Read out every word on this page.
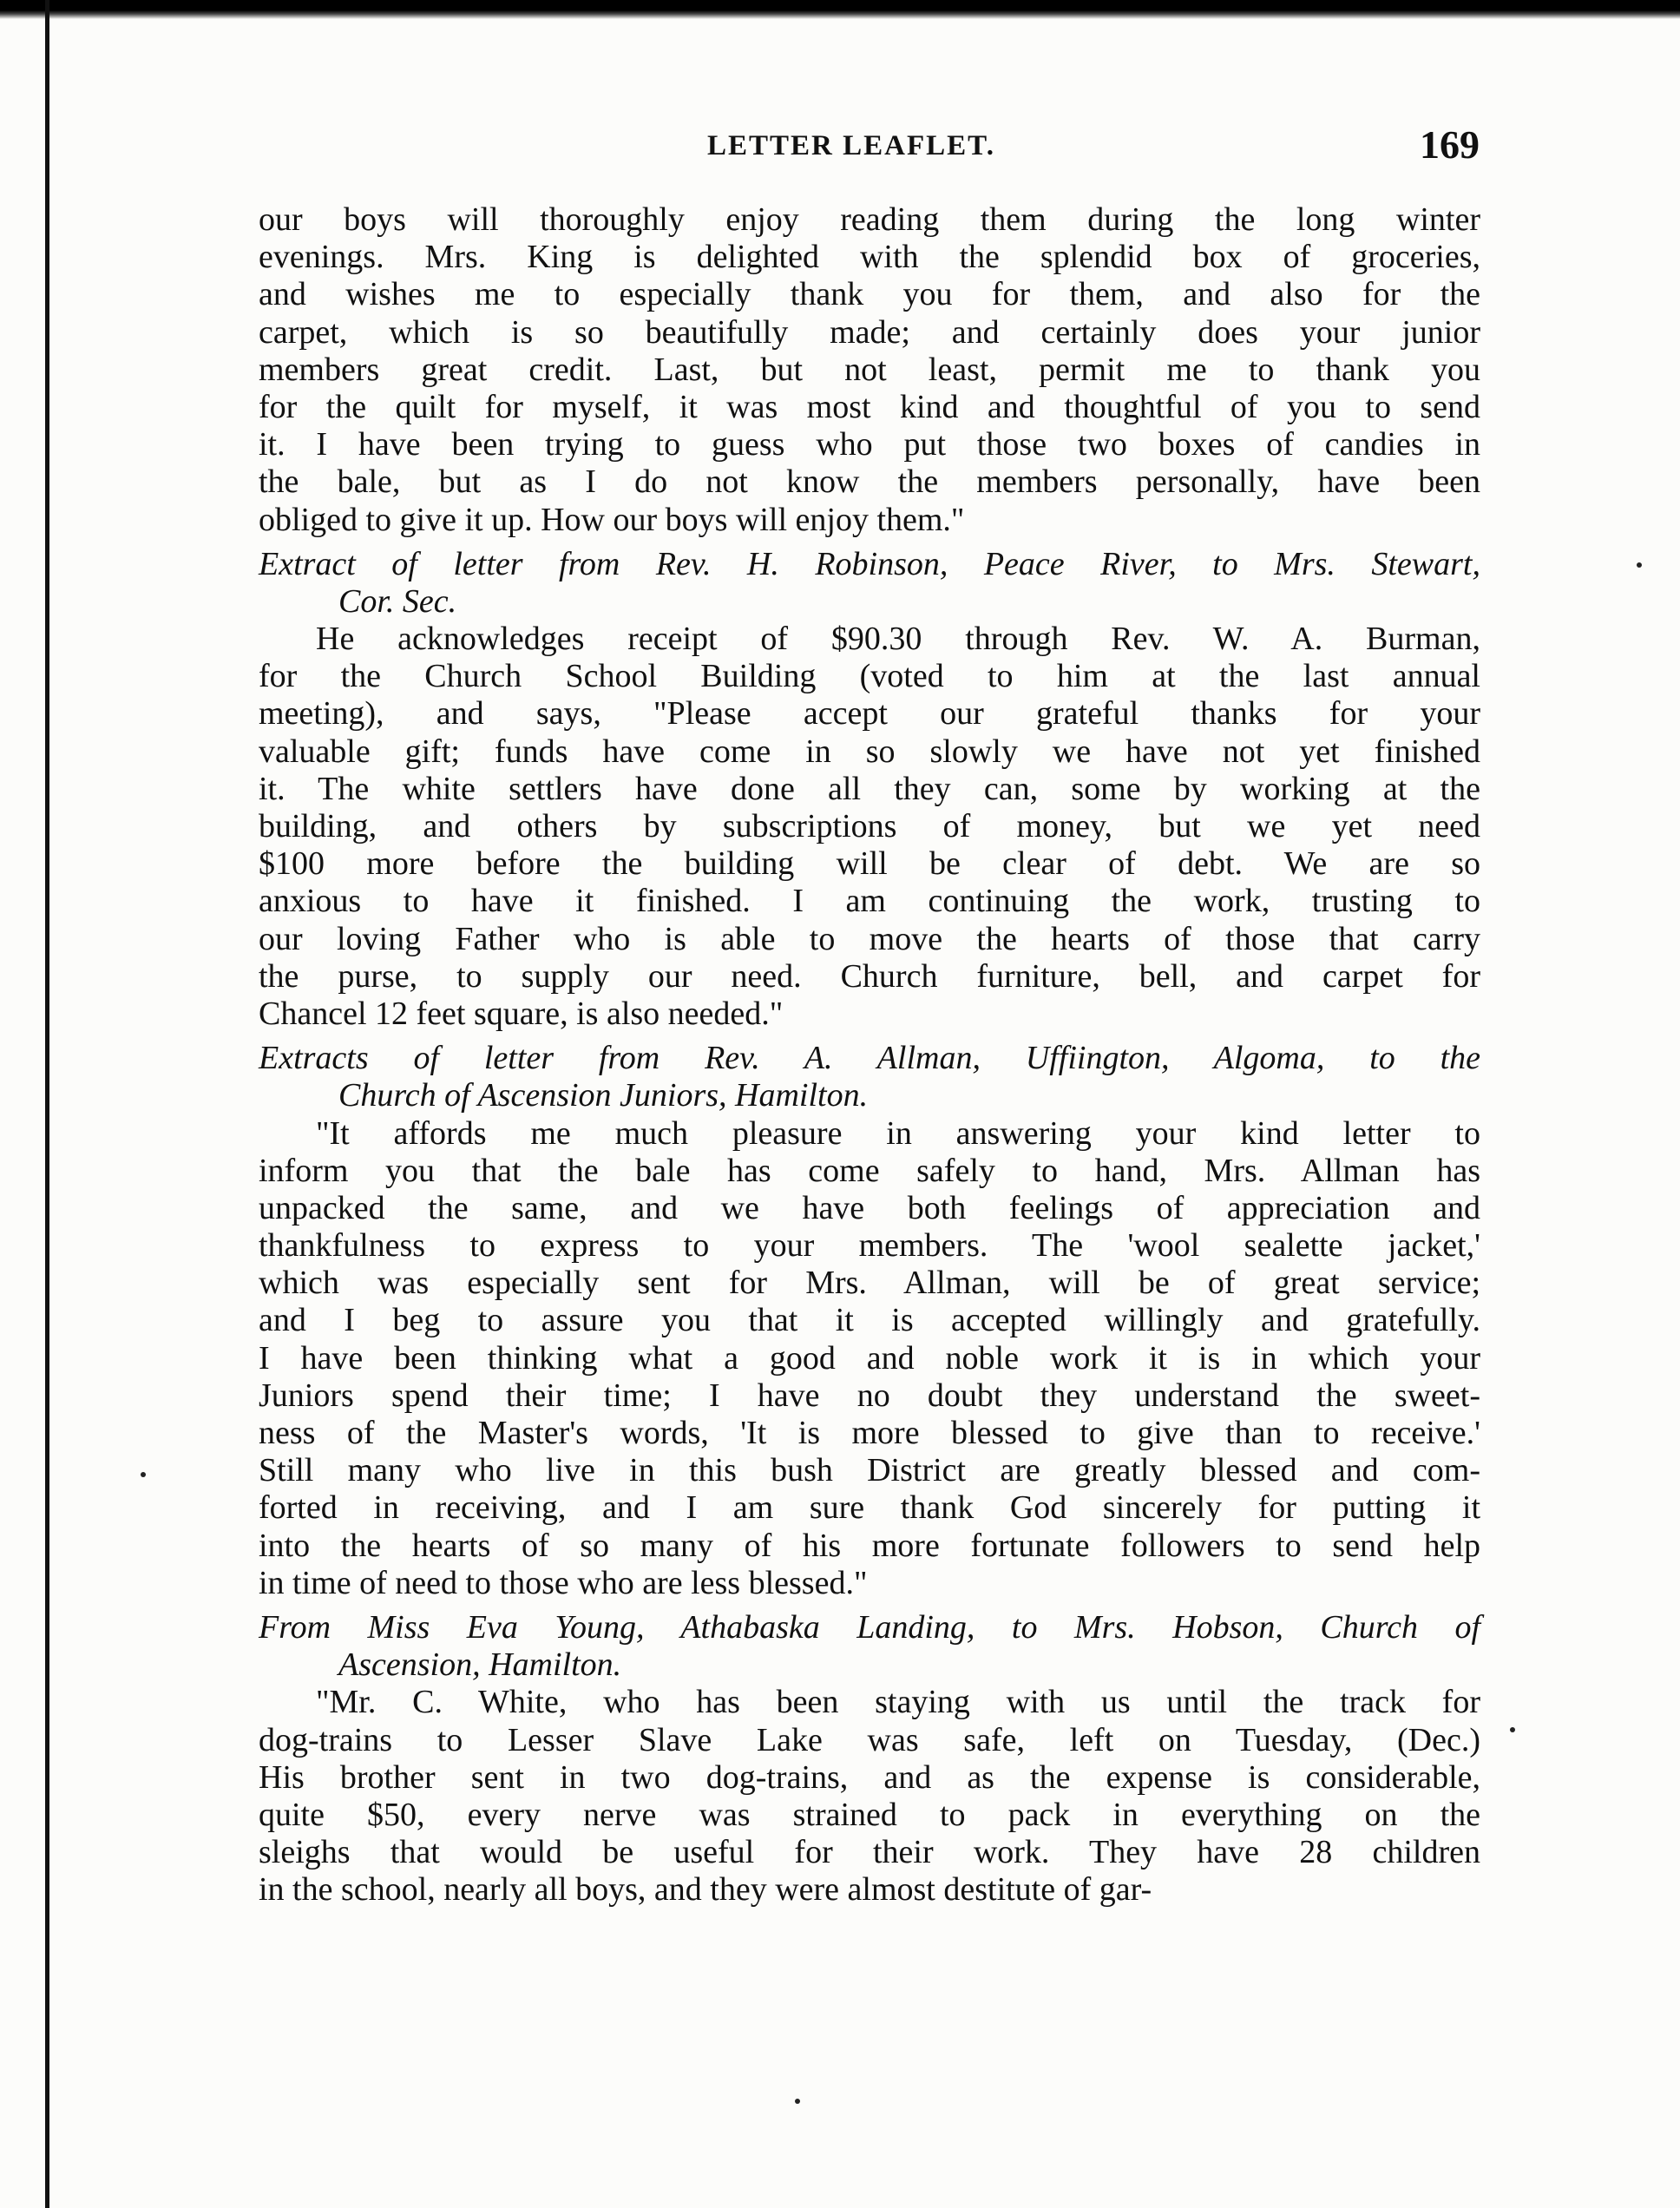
LETTER LEAFLET.	169
our boys will thoroughly enjoy reading them during the long winter
evenings. Mrs. King is delighted with the splendid box of groceries,
and wishes me to especially thank you for them, and also for the
carpet, which is so beautifully made; and certainly does your junior
members great credit. Last, but not least, permit me to thank you
for the quilt for myself, it was most kind and thoughtful of you to send
it. I have been trying to guess who put those two boxes of candies in
the bale, but as I do not know the members personally, have been
obliged to give it up. How our boys will enjoy them."
Extract of letter from Rev. H. Robinson, Peace River, to Mrs. Stewart,
Cor. Sec.
He acknowledges receipt of $90.30 through Rev. W. A. Burman,
for the Church School Building (voted to him at the last annual
meeting), and says, "Please accept our grateful thanks for your
valuable gift; funds have come in so slowly we have not yet finished
it. The white settlers have done all they can, some by working at the
building, and others by subscriptions of money, but we yet need
$100 more before the building will be clear of debt. We are so
anxious to have it finished. I am continuing the work, trusting to
our loving Father who is able to move the hearts of those that carry
the purse, to supply our need. Church furniture, bell, and carpet for
Chancel 12 feet square, is also needed."
Extracts of letter from Rev. A. Allman, Uffiington, Algoma, to the
Church of Ascension Juniors, Hamilton.
"It affords me much pleasure in answering your kind letter to
inform you that the bale has come safely to hand, Mrs. Allman has
unpacked the same, and we have both feelings of appreciation and
thankfulness to express to your members. The 'wool sealette jacket,'
which was especially sent for Mrs. Allman, will be of great service;
and I beg to assure you that it is accepted willingly and gratefully.
I have been thinking what a good and noble work it is in which your
Juniors spend their time; I have no doubt they understand the sweet-
ness of the Master's words, 'It is more blessed to give than to receive.'
Still many who live in this bush District are greatly blessed and com-
forted in receiving, and I am sure thank God sincerely for putting it
into the hearts of so many of his more fortunate followers to send help
in time of need to those who are less blessed."
From Miss Eva Young, Athabaska Landing, to Mrs. Hobson, Church of
Ascension, Hamilton.
"Mr. C. White, who has been staying with us until the track for
dog-trains to Lesser Slave Lake was safe, left on Tuesday, (Dec.)
His brother sent in two dog-trains, and as the expense is considerable,
quite $50, every nerve was strained to pack in everything on the
sleighs that would be useful for their work. They have 28 children
in the school, nearly all boys, and they were almost destitute of gar-
